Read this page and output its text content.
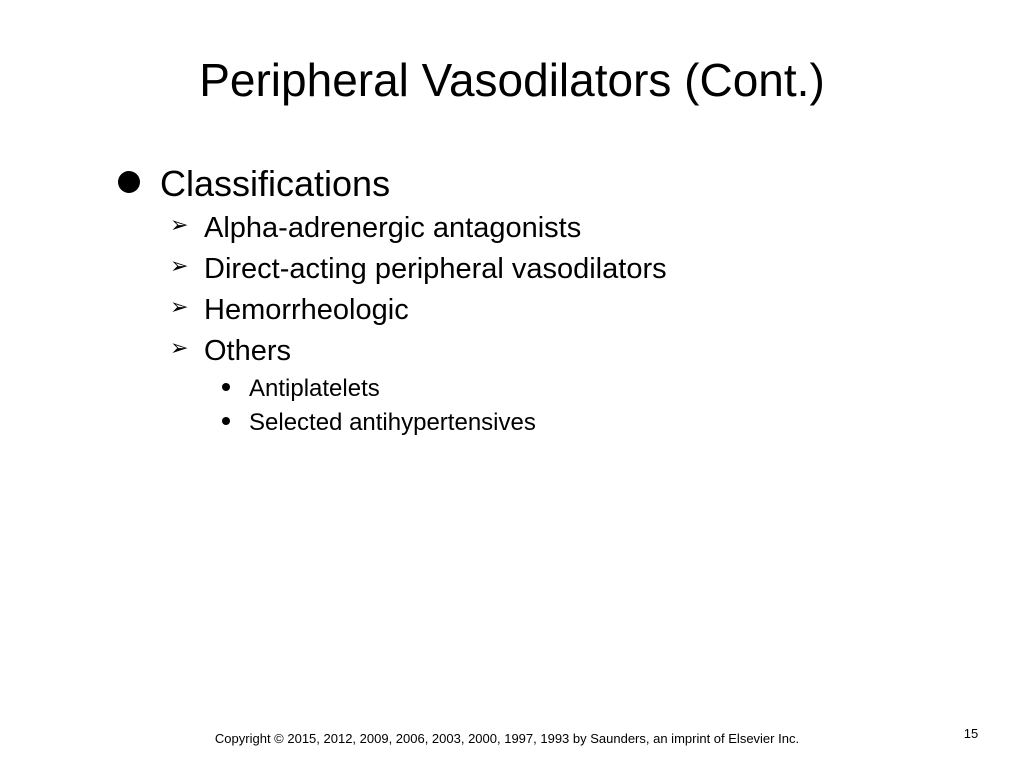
Peripheral Vasodilators (Cont.)
Classifications
➢ Alpha-adrenergic antagonists
➢ Direct-acting peripheral vasodilators
➢ Hemorrheologic
➢ Others
Antiplatelets
Selected antihypertensives
Copyright © 2015, 2012, 2009, 2006, 2003, 2000, 1997, 1993 by Saunders, an imprint of Elsevier Inc.	15
